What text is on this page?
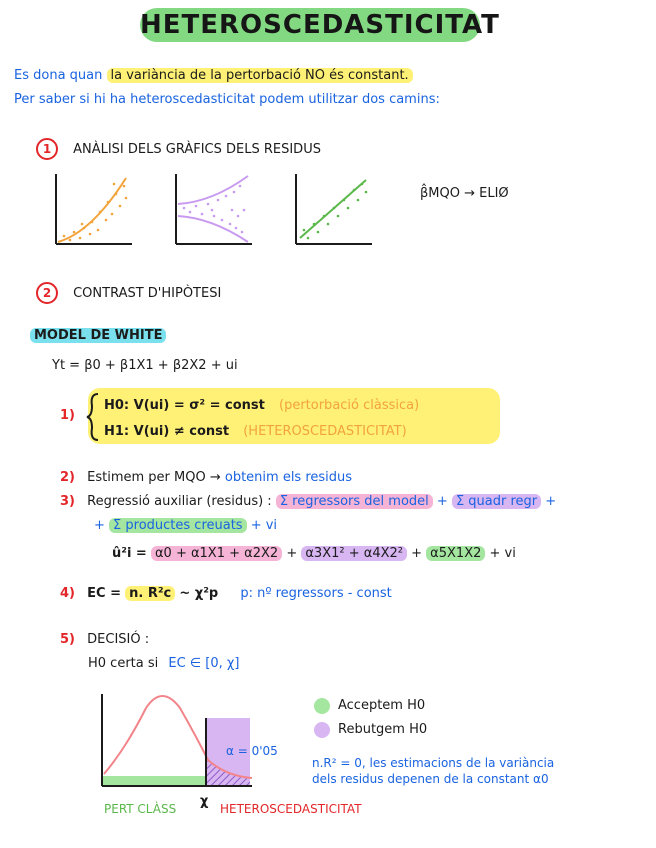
HETEROSCEDASTICITAT
Es dona quan la variància de la pertorbació NO és constant.
Per saber si hi ha heteroscedasticitat podem utilitzar dos camins:
1 ANÀLISI DELS GRÀFICS DELS RESIDUS
β̂MQO → ELIØ
2 CONTRAST D'HIPÒTESI
MODEL DE WHITE
Yt = β0 + β1X1 + β2X2 + ui
1)
H0: V(ui) = σ² = const (pertorbació clàssica)
H1: V(ui) ≠ const (HETEROSCEDASTICITAT)
2) Estimem per MQO → obtenim els residus
3) Regressió auxiliar (residus) : Σ regressors del model + Σ quadr regr +
+ Σ productes creuats + vi
û²i = α0 + α1X1 + α2X2 + α3X1² + α4X2² + α5X1X2 + vi
4) EC = n. R²c ~ χ²p p: nº regressors - const
5) DECISIÓ :
H0 certa si EC ∈ [0, χ]
α = 0'05
χ
PERT CLÀSS	HETEROSCEDASTICITAT
Acceptem H0
Rebutgem H0
n.R² = 0, les estimacions de la variància
dels residus depenen de la constant α0
